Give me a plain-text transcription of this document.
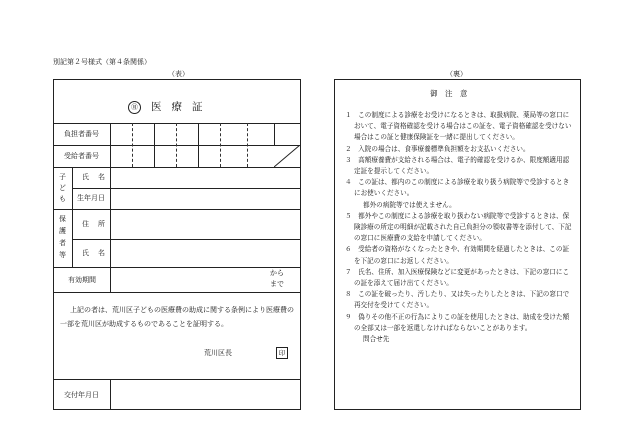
別記第２号様式（第４条関係）
（表）	（裏）
㊊ 医療証
負担者番号
受給者番号
氏名
生年月日
住所
氏名
有効期間
子ども
保護者等
から
まで
上記の者は、荒川区子どもの医療費の助成に関する条例により医療費の一部を荒川区が助成するものであることを証明する。
荒川区長	印
交付年月日
御　注　意

１　この制度による診療をお受けになるときは、取扱病院、薬局等の窓口において、電子資格確認を受ける場合はこの証を、電子資格確認を受けない場合はこの証と健康保険証を一緒に提出してください。

２　入院の場合は、食事療養標準負担額をお支払いください。

３　高額療養費が支給される場合は、電子的確認を受けるか、限度額適用認定証を提示してください。

４　この証は、都内のこの制度による診療を取り扱う病院等で受診するときにお使いください。

都外の病院等では使えません。

５　都外やこの制度による診療を取り扱わない病院等で受診するときは、保険診療の所定の明細が記載された自己負担分の領収書等を添付して、下記の窓口に医療費の支給を申請してください。

６　受給者の資格がなくなったときや、有効期間を経過したときは、この証を下記の窓口にお返しください。

７　氏名、住所、加入医療保険などに変更があったときは、下記の窓口にこの証を添えて届け出てください。

８　この証を破ったり、汚したり、又は失ったりしたときは、下記の窓口で再交付を受けてください。

９　偽りその他不正の行為によりこの証を使用したときは、助成を受けた額の全部又は一部を返還しなければならないことがあります。

問合せ先
